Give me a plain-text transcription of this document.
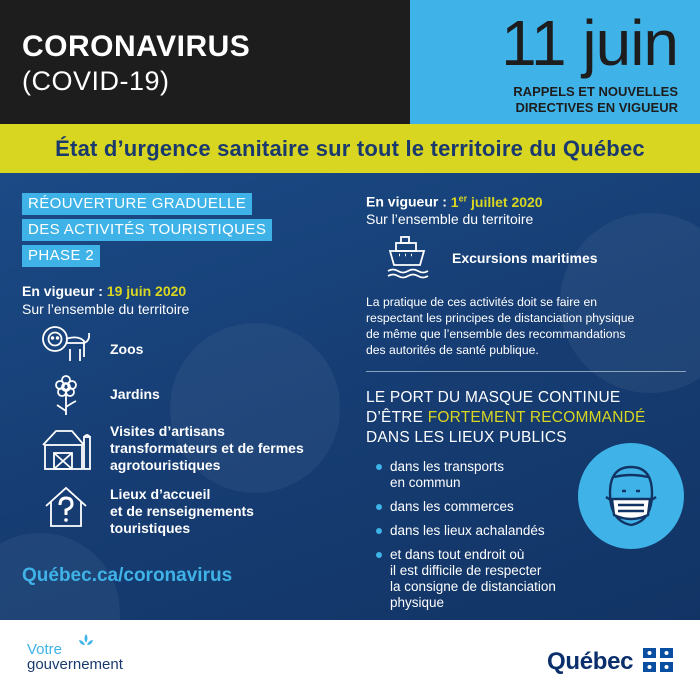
CORONAVIRUS
(COVID-19)
11 juin
RAPPELS ET NOUVELLES
DIRECTIVES EN VIGUEUR
État d’urgence sanitaire sur tout le territoire du Québec
RÉOUVERTURE GRADUELLE
DES ACTIVITÉS TOURISTIQUES
PHASE 2
En vigueur : 19 juin 2020
Sur l’ensemble du territoire
Zoos
Jardins
Visites d’artisans
transformateurs et de fermes
agrotouristiques
Lieux d’accueil
et de renseignements
touristiques
Québec.ca/coronavirus
En vigueur : 1er juillet 2020
Sur l’ensemble du territoire
Excursions maritimes
La pratique de ces activités doit se faire en
respectant les principes de distanciation physique
de même que l’ensemble des recommandations
des autorités de santé publique.
LE PORT DU MASQUE CONTINUE
D’ÊTRE FORTEMENT RECOMMANDÉ
DANS LES LIEUX PUBLICS
dans les transports
en commun
dans les commerces
dans les lieux achalandés
et dans tout endroit où
il est difficile de respecter
la consigne de distanciation
physique
Votre
gouvernement	Québec
